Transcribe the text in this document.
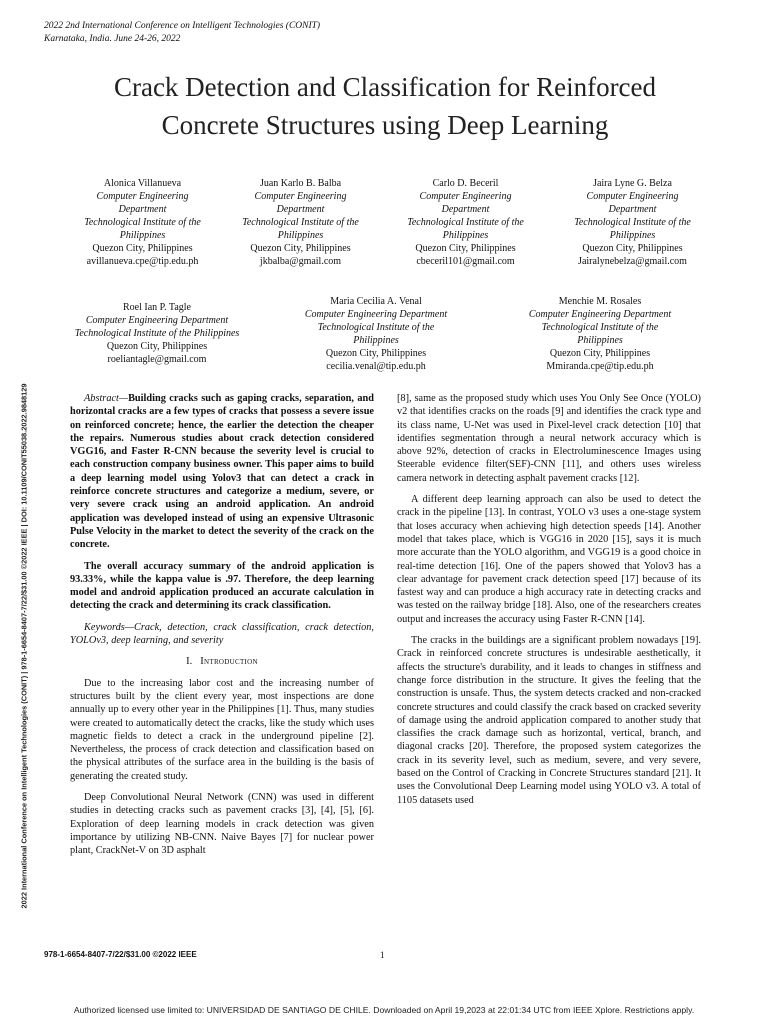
2022 2nd International Conference on Intelligent Technologies (CONIT)
Karnataka, India. June 24-26, 2022
Crack Detection and Classification for Reinforced
Concrete Structures using Deep Learning
Alonica Villanueva
Computer Engineering
Department
Technological Institute of the
Philippines
Quezon City, Philippines
avillanueva.cpe@tip.edu.ph
Juan Karlo B. Balba
Computer Engineering
Department
Technological Institute of the
Philippines
Quezon City, Philippines
jkbalba@gmail.com
Carlo D. Beceril
Computer Engineering
Department
Technological Institute of the
Philippines
Quezon City, Philippines
cbeceril101@gmail.com
Jaira Lyne G. Belza
Computer Engineering
Department
Technological Institute of the
Philippines
Quezon City, Philippines
Jairalynebelza@gmail.com
Roel Ian P. Tagle
Computer Engineering Department
Technological Institute of the Philippines
Quezon City, Philippines
roeliantagle@gmail.com
Maria Cecilia A. Venal
Computer Engineering Department
Technological Institute of the
Philippines
Quezon City, Philippines
cecilia.venal@tip.edu.ph
Menchie M. Rosales
Computer Engineering Department
Technological Institute of the
Philippines
Quezon City, Philippines
Mmiranda.cpe@tip.edu.ph
2022 International Conference on Intelligent Technologies (CONIT) | 978-1-6654-8407-7/22/$31.00 ©2022 IEEE | DOI: 10.1109/CONIT55038.2022.9848129	Abstract—Building cracks such as gaping cracks, separation, and horizontal cracks are a few types of cracks that possess a severe issue on reinforced concrete; hence, the earlier the detection the cheaper the repairs. Numerous studies about crack detection considered VGG16, and Faster R-CNN because the severity level is crucial to each construction company business owner. This paper aims to build a deep learning model using Yolov3 that can detect a crack in reinforce concrete structures and categorize a medium, severe, or very severe crack using an android application. An android application was developed instead of using an expensive Ultrasonic Pulse Velocity in the market to detect the severity of the crack on the concrete.

The overall accuracy summary of the android application is 93.33%, while the kappa value is .97. Therefore, the deep learning model and android application produced an accurate calculation in detecting the crack and determining its crack classification.

Keywords—Crack, detection, crack classification, crack detection, YOLOv3, deep learning, and severity

I. Introduction

Due to the increasing labor cost and the increasing number of structures built by the client every year, most inspections are done annually up to every other year in the Philippines [1]. Thus, many studies were created to automatically detect the cracks, like the study which uses magnetic fields to detect a crack in the underground pipeline [2]. Nevertheless, the process of crack detection and classification based on the physical attributes of the surface area in the building is the basis of generating the created study.

Deep Convolutional Neural Network (CNN) was used in different studies in detecting cracks such as pavement cracks [3], [4], [5], [6]. Exploration of deep learning models in crack detection was given importance by utilizing NB-CNN. Naive Bayes [7] for nuclear power plant, CrackNet-V on 3D asphalt

[8], same as the proposed study which uses You Only See Once (YOLO) v2 that identifies cracks on the roads [9] and identifies the crack type and its class name, U-Net was used in Pixel-level crack detection [10] that identifies segmentation through a neural network accuracy which is above 92%, detection of cracks in Electroluminescence Images using Steerable evidence filter(SEF)-CNN [11], and others uses wireless camera network in detecting asphalt pavement cracks [12].

A different deep learning approach can also be used to detect the crack in the pipeline [13]. In contrast, YOLO v3 uses a one-stage system that loses accuracy when achieving high detection speeds [14]. Another model that takes place, which is VGG16 in 2020 [15], says it is much more accurate than the YOLO algorithm, and VGG19 is a good choice in real-time detection [16]. One of the papers showed that Yolov3 has a clear advantage for pavement crack detection speed [17] because of its fastest way and can produce a high accuracy rate in detecting cracks and was tested on the railway bridge [18]. Also, one of the researchers creates output and increases the accuracy using Faster R-CNN [14].

The cracks in the buildings are a significant problem nowadays [19]. Crack in reinforced concrete structures is undesirable aesthetically, it affects the structure's durability, and it leads to changes in stiffness and change force distribution in the structure. It gives the feeling that the construction is unsafe. Thus, the system detects cracked and non-cracked concrete structures and could classify the crack based on cracked severity of damage using the android application compared to another study that classifies the crack damage such as horizontal, vertical, branch, and diagonal cracks [20]. Therefore, the proposed system categorizes the crack in its severity level, such as medium, severe, and very severe, based on the Control of Cracking in Concrete Structures standard [21]. It uses the Convolutional Deep Learning model using YOLO v3. A total of 1105 datasets used

978-1-6654-8407-7/22/$31.00 ©2022 IEEE	1
Authorized licensed use limited to: UNIVERSIDAD DE SANTIAGO DE CHILE. Downloaded on April 19,2023 at 22:01:34 UTC from IEEE Xplore. Restrictions apply.
